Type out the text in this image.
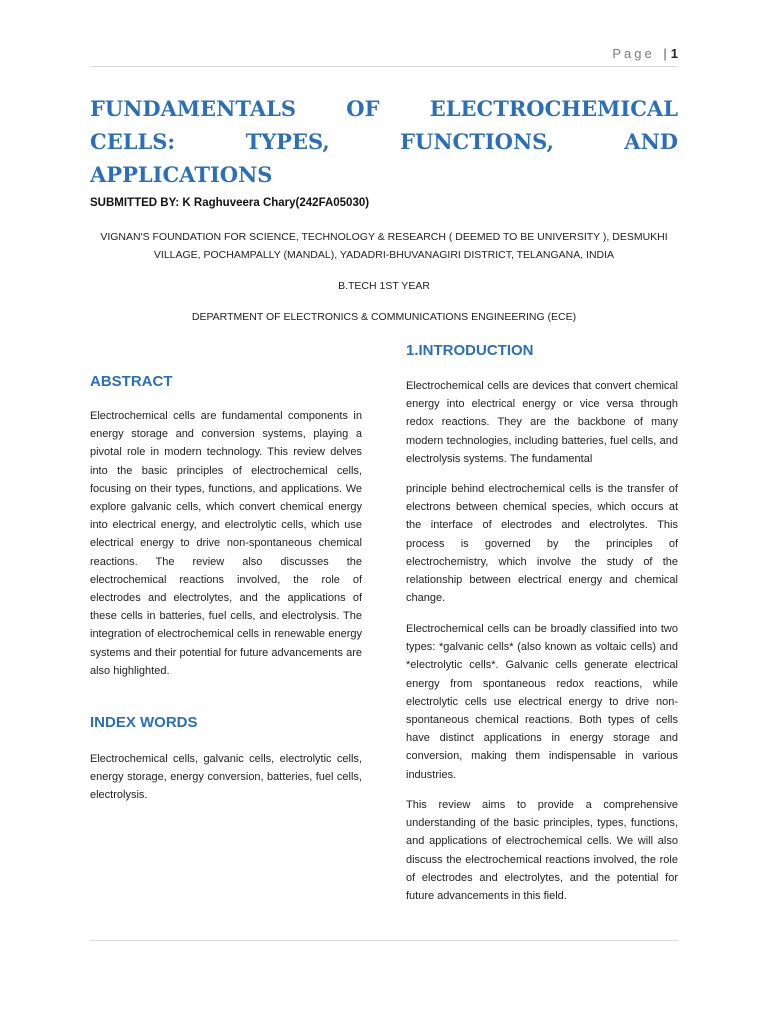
Page | 1
FUNDAMENTALS OF ELECTROCHEMICAL CELLS: TYPES, FUNCTIONS, AND APPLICATIONS
SUBMITTED BY: K Raghuveera Chary(242FA05030)
VIGNAN'S FOUNDATION FOR SCIENCE, TECHNOLOGY & RESEARCH ( DEEMED TO BE UNIVERSITY ), DESMUKHI VILLAGE, POCHAMPALLY (MANDAL), YADADRI-BHUVANAGIRI DISTRICT, TELANGANA, INDIA
B.TECH 1ST YEAR
DEPARTMENT OF ELECTRONICS & COMMUNICATIONS ENGINEERING (ECE)
ABSTRACT

Electrochemical cells are fundamental components in energy storage and conversion systems, playing a pivotal role in modern technology. This review delves into the basic principles of electrochemical cells, focusing on their types, functions, and applications. We explore galvanic cells, which convert chemical energy into electrical energy, and electrolytic cells, which use electrical energy to drive non-spontaneous chemical reactions. The review also discusses the electrochemical reactions involved, the role of electrodes and electrolytes, and the applications of these cells in batteries, fuel cells, and electrolysis. The integration of electrochemical cells in renewable energy systems and their potential for future advancements are also highlighted.

INDEX WORDS

Electrochemical cells, galvanic cells, electrolytic cells, energy storage, energy conversion, batteries, fuel cells, electrolysis.

1.INTRODUCTION

Electrochemical cells are devices that convert chemical energy into electrical energy or vice versa through redox reactions. They are the backbone of many modern technologies, including batteries, fuel cells, and electrolysis systems. The fundamental

principle behind electrochemical cells is the transfer of electrons between chemical species, which occurs at the interface of electrodes and electrolytes. This process is governed by the principles of electrochemistry, which involve the study of the relationship between electrical energy and chemical change.

Electrochemical cells can be broadly classified into two types: *galvanic cells* (also known as voltaic cells) and *electrolytic cells*. Galvanic cells generate electrical energy from spontaneous redox reactions, while electrolytic cells use electrical energy to drive non-spontaneous chemical reactions. Both types of cells have distinct applications in energy storage and conversion, making them indispensable in various industries.

This review aims to provide a comprehensive understanding of the basic principles, types, functions, and applications of electrochemical cells. We will also discuss the electrochemical reactions involved, the role of electrodes and electrolytes, and the potential for future advancements in this field.
